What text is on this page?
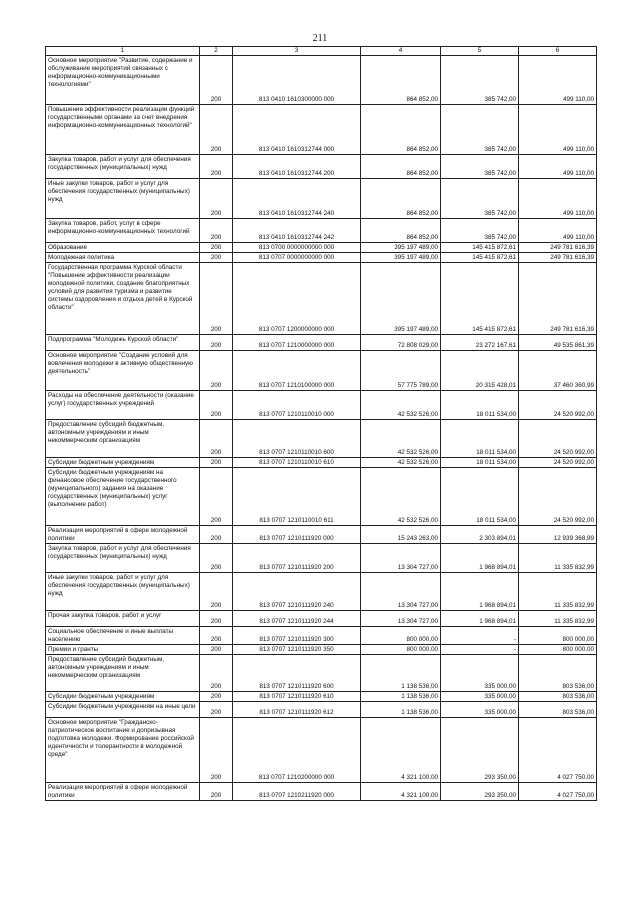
211
1	2	3	4	5	6
Основное мероприятие "Развитие, содержание и обслуживание мероприятий связанных с информационно-коммуникационными технологиями"	200	813 0410 1610300000 000	864 852,00	385 742,00	499 110,00
Повышение эффективности реализации функций государственными органами за счет внедрения информационно-коммуникационных технологий"	200	813 0410 1610312744 000	864 852,00	385 742,00	499 110,00
Закупка товаров, работ и услуг для обеспечения государственных (муниципальных) нужд	200	813 0410 1610312744 200	864 852,00	385 742,00	499 110,00
Иные закупки товаров, работ и услуг для обеспечения государственных (муниципальных) нужд	200	813 0410 1610312744 240	864 852,00	385 742,00	499 110,00
Закупка товаров, работ, услуг в сфере информационно-коммуникационных технологий	200	813 0410 1610312744 242	864 852,00	385 742,00	499 110,00
Образование	200	813 0700 0000000000 000	395 197 489,00	145 415 872,61	249 781 616,39
Молодежная политика	200	813 0707 0000000000 000	395 197 489,00	145 415 872,61	249 781 616,39
Государственная программа Курской области "Повышение эффективности реализации молодежной политики, создание благоприятных условий для развития туризма и развитие системы оздоровления и отдыха детей в Курской области"	200	813 0707 1200000000 000	395 197 489,00	145 415 872,61	249 781 616,39
Подпрограмма "Молодежь Курской области"	200	813 0707 1210000000 000	72 808 029,00	23 272 167,61	49 535 861,39
Основное мероприятие "Создание условий для вовлечения молодежи в активную общественную деятельность"	200	813 0707 1210100000 000	57 775 789,00	20 315 428,01	37 460 360,99
Расходы на обеспечение деятельности (оказание услуг) государственных учреждений	200	813 0707 1210110010 000	42 532 526,00	18 011 534,00	24 520 992,00
Предоставление субсидий бюджетным, автономным учреждениям и иным некоммерческим организациям	200	813 0707 1210110010 600	42 532 526,00	18 011 534,00	24 520 992,00
Субсидии бюджетным учреждениям	200	813 0707 1210110010 610	42 532 526,00	18 011 534,00	24 520 992,00
Субсидии бюджетным учреждениям на финансовое обеспечение государственного (муниципального) задания на оказание государственных (муниципальных) услуг (выполнение работ)	200	813 0707 1210110010 611	42 532 526,00	18 011 534,00	24 520 992,00
Реализация мероприятий в сфере молодежной политики	200	813 0707 1210111920 000	15 243 263,00	2 303 894,01	12 939 368,99
Закупка товаров, работ и услуг для обеспечения государственных (муниципальных) нужд	200	813 0707 1210111920 200	13 304 727,00	1 968 894,01	11 335 832,99
Иные закупки товаров, работ и услуг для обеспечения государственных (муниципальных) нужд	200	813 0707 1210111920 240	13 304 727,00	1 968 894,01	11 335 832,99
Прочая закупка товаров, работ и услуг	200	813 0707 1210111920 244	13 304 727,00	1 968 894,01	11 335 832,99
Социальное обеспечение и иные выплаты населению	200	813 0707 1210111920 300	800 000,00	-	800 000,00
Премии и гранты	200	813 0707 1210111920 350	800 000,00	-	800 000,00
Предоставление субсидий бюджетным, автономным учреждениям и иным некоммерческим организациям	200	813 0707 1210111920 600	1 138 536,00	335 000,00	803 536,00
Субсидии бюджетным учреждениям	200	813 0707 1210111920 610	1 138 536,00	335 000,00	803 536,00
Субсидии бюджетным учреждениям на иные цели	200	813 0707 1210111920 612	1 138 536,00	335 000,00	803 536,00
Основное мероприятие "Гражданско-патриотическое воспитание и допризывная подготовка молодежи. Формирование российской идентичности и толерантности в молодежной среде"	200	813 0707 1210200000 000	4 321 100,00	293 350,00	4 027 750,00
Реализация мероприятий в сфере молодежной политики	200	813 0707 1210211920 000	4 321 100,00	293 350,00	4 027 750,00
